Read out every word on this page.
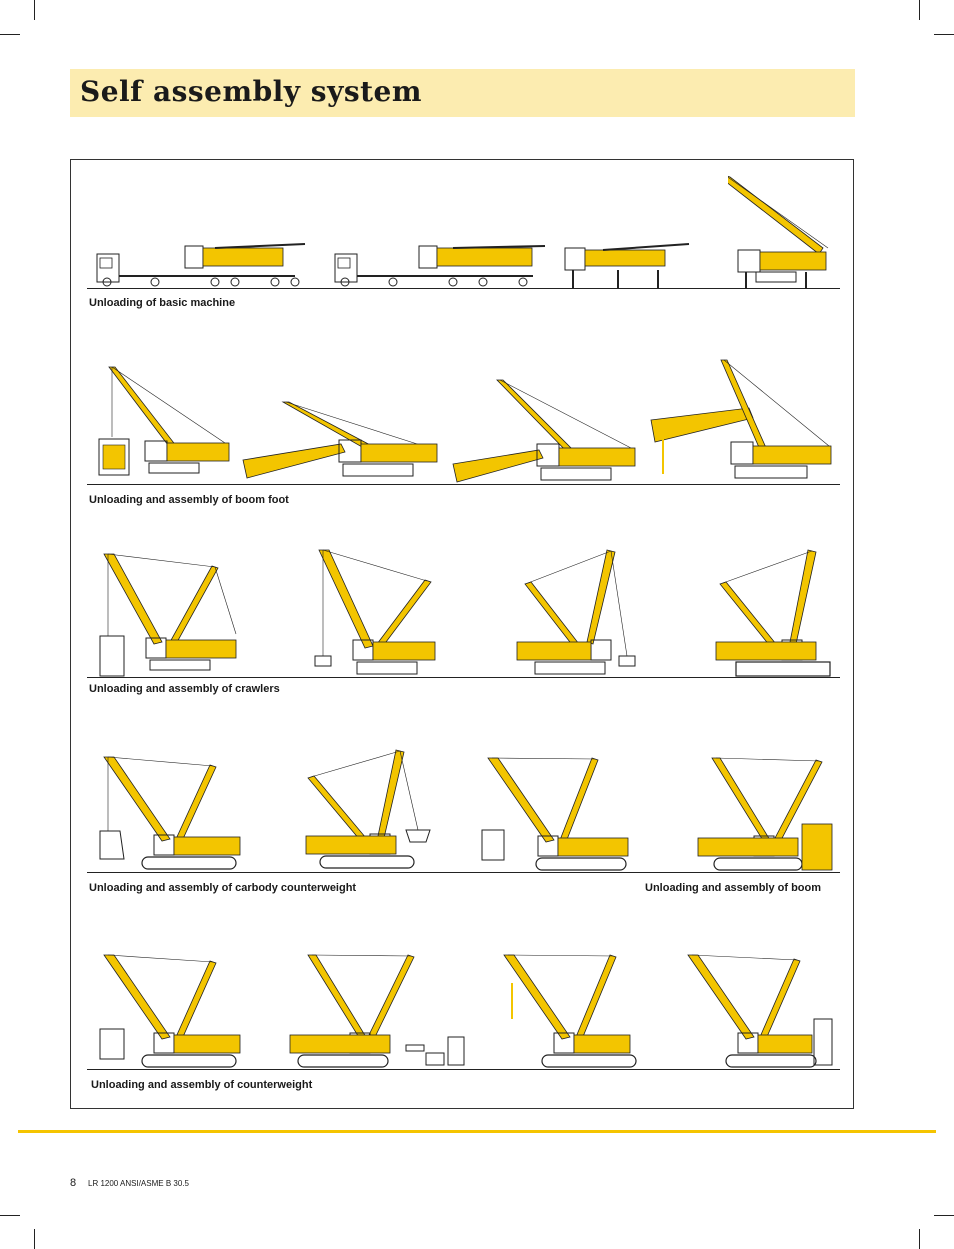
Self assembly system
Unloading of basic machine
Unloading and assembly of boom foot
Unloading and assembly of crawlers
Unloading and assembly of carbody counterweight	Unloading and assembly of boom
Unloading and assembly of counterweight
8 LR 1200 ANSI/ASME B 30.5
